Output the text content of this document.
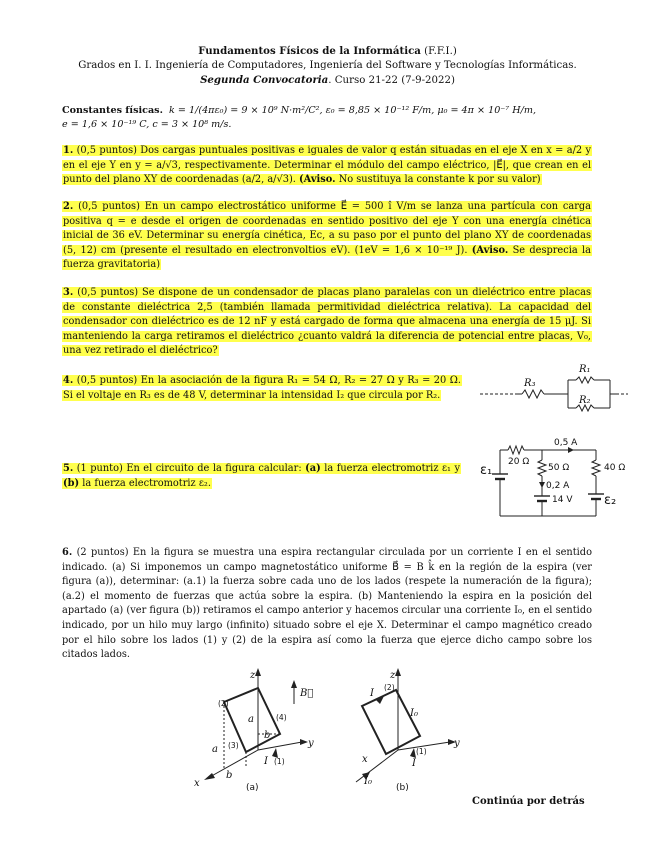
Fundamentos Físicos de la Informática (F.F.I.)
Grados en I. I. Ingeniería de Computadores, Ingeniería del Software y Tecnologías Informáticas.
Segunda Convocatoria. Curso 21-22 (7-9-2022)
Constantes físicas. k = 1/(4πε₀) = 9 × 10⁹ N·m²/C², ε₀ = 8,85 × 10⁻¹² F/m, μ₀ = 4π × 10⁻⁷ H/m,
e = 1,6 × 10⁻¹⁹ C, c = 3 × 10⁸ m/s.
1. (0,5 puntos) Dos cargas puntuales positivas e iguales de valor q están situadas en el eje X en x = a/2 y en el eje Y en y = a/√3, respectivamente. Determinar el módulo del campo eléctrico, |E⃗|, que crean en el punto del plano XY de coordenadas (a/2, a/√3). (Aviso. No sustituya la constante k por su valor)
2. (0,5 puntos) En un campo electrostático uniforme E⃗ = 500 î V/m se lanza una partícula con carga positiva q = e desde el origen de coordenadas en sentido positivo del eje Y con una energía cinética inicial de 36 eV. Determinar su energía cinética, Ec, a su paso por el punto del plano XY de coordenadas (5, 12) cm (presente el resultado en electronvoltios eV). (1eV = 1,6 × 10⁻¹⁹ J). (Aviso. Se desprecia la fuerza gravitatoria)
3. (0,5 puntos) Se dispone de un condensador de placas plano paralelas con un dieléctrico entre placas de constante dieléctrica 2,5 (también llamada permitividad dieléctrica relativa). La capacidad del condensador con dieléctrico es de 12 nF y está cargado de forma que almacena una energía de 15 μJ. Si manteniendo la carga retiramos el dieléctrico ¿cuanto valdrá la diferencia de potencial entre placas, V₀, una vez retirado el dieléctrico?
4. (0,5 puntos) En la asociación de la figura R₁ = 54 Ω, R₂ = 27 Ω y R₃ = 20 Ω. Si el voltaje en R₃ es de 48 V, determinar la intensidad I₂ que circula por R₂.
R₃
R₁
R₂
5. (1 punto) En el circuito de la figura calcular: (a) la fuerza electromotriz ε₁ y (b) la fuerza electromotriz ε₂.
20 Ω
50 Ω	40 Ω
0,5 A
0,2 A
14 V
ε₁
ε₂
6. (2 puntos) En la figura se muestra una espira rectangular circulada por un corriente I en el sentido indicado. (a) Si imponemos un campo magnetostático uniforme B⃗ = B k̂ en la región de la espira (ver figura (a)), determinar: (a.1) la fuerza sobre cada uno de los lados (respete la numeración de la figura); (a.2) el momento de fuerzas que actúa sobre la espira. (b) Manteniendo la espira en la posición del apartado (a) (ver figura (b)) retiramos el campo anterior y hacemos circular una corriente I₀, en el sentido indicado, por un hilo muy largo (infinito) situado sobre el eje X. Determinar el campo magnético creado por el hilo sobre los lados (1) y (2) de la espira así como la fuerza que ejerce dicho campo sobre los citados lados.
z
y
x
a
a
b
b
I
B⃗
(1)
(2)
(3)
(4)
(a)
z
y
x
I
I
I₀
I₀
(1)
(2)
(b)
Continúa por detrás
